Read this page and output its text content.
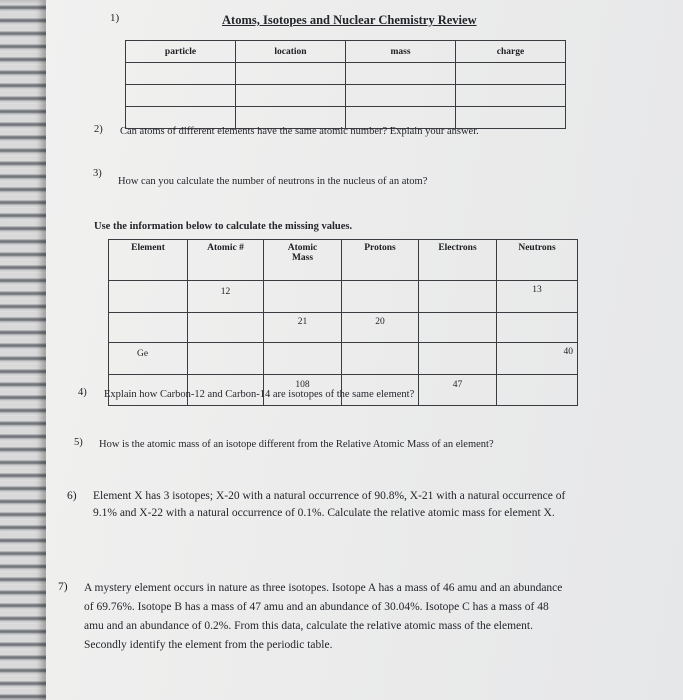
1)	Atoms, Isotopes and Nuclear Chemistry Review
particle	location	mass	charge

2) Can atoms of different elements have the same atomic number? Explain your answer.
3)
How can you calculate the number of neutrons in the nucleus of an atom?
Use the information below to calculate the missing values.
Element	Atomic #	Atomic Mass	Protons	Electrons	Neutrons
	12				13
		21	20		
Ge					40
		108		47	
4) Explain how Carbon-12 and Carbon-14 are isotopes of the same element?
5) How is the atomic mass of an isotope different from the Relative Atomic Mass of an element?
6) Element X has 3 isotopes; X-20 with a natural occurrence of 90.8%, X-21 with a natural occurrence of
9.1% and X-22 with a natural occurrence of 0.1%. Calculate the relative atomic mass for element X.
7) A mystery element occurs in nature as three isotopes. Isotope A has a mass of 46 amu and an abundance
of 69.76%. Isotope B has a mass of 47 amu and an abundance of 30.04%. Isotope C has a mass of 48
amu and an abundance of 0.2%. From this data, calculate the relative atomic mass of the element.
Secondly identify the element from the periodic table.
